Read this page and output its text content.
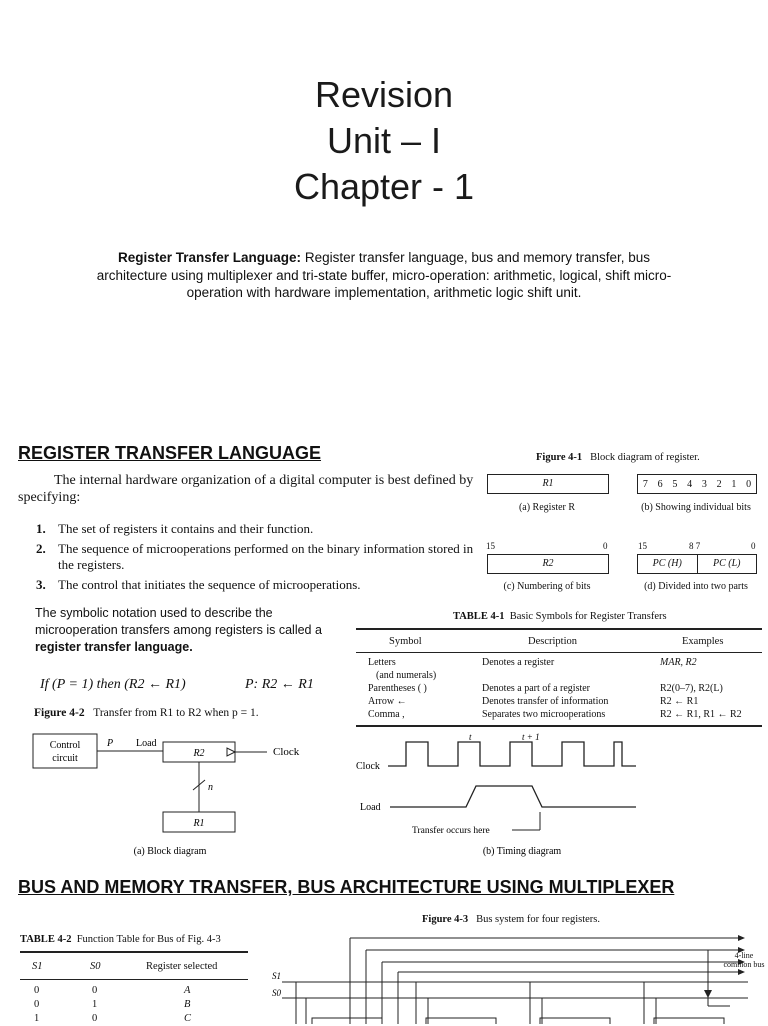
Revision
Unit – I
Chapter - 1
Register Transfer Language: Register transfer language, bus and memory transfer, bus architecture using multiplexer and tri-state buffer, micro-operation: arithmetic, logical, shift micro-operation with hardware implementation, arithmetic logic shift unit.
REGISTER TRANSFER LANGUAGE
The internal hardware organization of a digital computer is best defined by specifying:
1. The set of registers it contains and their function.
2. The sequence of microoperations performed on the binary information stored in the registers.
3. The control that initiates the sequence of microoperations.
The symbolic notation used to describe the microoperation transfers among registers is called a register transfer language.
If (P = 1) then (R2 ← R1)	P: R2 ← R1
Figure 4-2 Transfer from R1 to R2 when p = 1.
Control
circuit
P Load
R2	Clock
n
R1
(a) Block diagram
t	t + 1
Clock
Load
Transfer occurs here
(b) Timing diagram
Figure 4-1 Block diagram of register.
R1
(a) Register R
7 6 5 4 3 2 1 0
(b) Showing individual bits
15	0
R2
(c) Numbering of bits
15	8 7	0
PC (H)	PC (L)
(d) Divided into two parts
TABLE 4-1 Basic Symbols for Register Transfers
Symbol	Description	Examples
Letters	Denotes a register	MAR, R2
(and numerals)
Parentheses ( )	Denotes a part of a register	R2(0–7), R2(L)
Arrow ←	Denotes transfer of information	R2 ← R1
Comma ,	Separates two microoperations	R2 ← R1, R1 ← R2
BUS AND MEMORY TRANSFER, BUS ARCHITECTURE USING MULTIPLEXER
Figure 4-3 Bus system for four registers.
TABLE 4-2 Function Table for Bus of Fig. 4-3
S1	S0	Register selected
0	0	A
0	1	B
1	0	C
S1
S0
4-line common bus
